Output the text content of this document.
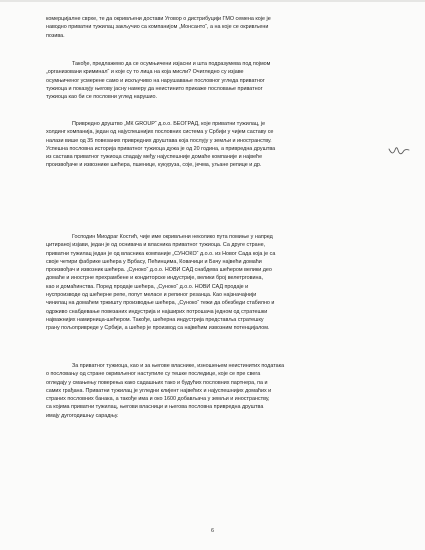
комерцијалне сврхе, те да окривљени достави Уговор о дистрибуцији ГМО семена које је
наводно приватни тужилац закључио са компанијом „Монсанто“, а на које се окривљени
позива.

Такође, предлажемо да се осумњичени изјасни и шта подразумева под појмом
„организовани криминал“ и које су то лица на која мисли? Очигледно су изјаве
осумњиченог усмерене само и искључиво на нарушавање пословног угледа приватног
тужиоца и показују његову јасну намеру да неистинито прикаже пословање приватног
тужиоца као би се пословни углед нарушио.

Привредно друштво „МК GROUP“ д.о.о. БЕОГРАД, које приватни тужилац, је
холдинг компанија, један од најуспешнијих пословних система у Србији у чијем саставу се
налази више од 35 повезаних привредних друштава која послују у земљи и иностранству.
Успешна пословна историја приватног тужиоца дужа је од 20 година, а привредна друштва
из састава приватног тужиоца спадају међу најуспешније домаће компаније и највеће
произвођаче и извознике шећера, пшенице, кукуруза, соје, јечма, уљане репице и др.

Господин Миодраг Костић, чије име окривљени неколико пута помиње у напред
цитираној изјави, један је од оснивача и власника приватног тужиоца. Са друге стране,
приватни тужилац један је од власника компаније „СУНОКО“ д.о.о. из Новог Сада која је са
своје четири фабрике шећера у Врбасу, Пећинцима, Ковачици и Бачу највећи домаћи
произвођач и извозник шећера. „Сунокo“ д.о.о. НОВИ САД снабдева шећером велики део
домаће и инострне прехрамбене и кондиторске индустрије, велики број велетрговина,
као и домаћинства. Поред продаје шећера, „Сунокo“ д.о.о. НОВИ САД продаје и
нуспроизводе од шећерне репе, попут меласе и репиног резанца. Као најзначајнији
чинилац на домаћем тржишту производње шећера, „Сунокo“ тежи да обезбеди стабилно и
одрживо снабдевање повезаних индустрија и најширих потрошача једном од стратешки
најважнијих намирница-шећером. Такође, шећерна индустрија представља стратешку
грану пољопривреде у Србији, а шећер је производ са највећим извозним потенцијалом.

За приватног тужиоца, као и за његове власнике, изношењем неистинитих података
о пословању од стране окривљеног наступиле су тешке последице, које се пре свега
огледају у смањењу поверења како садашњих тако и будућих пословних партнера, па и
самих грађана. Приватни тужилац је угледни клијент највећих и најуспешнијих домаћих и
страних пословних банака, а такође има и око 1600 добављача у земљи и иностранству,
са којима приватни тужилац, његови власници и његова пословна привредна друштва
имају дугогодишњу сарадњу.

6
